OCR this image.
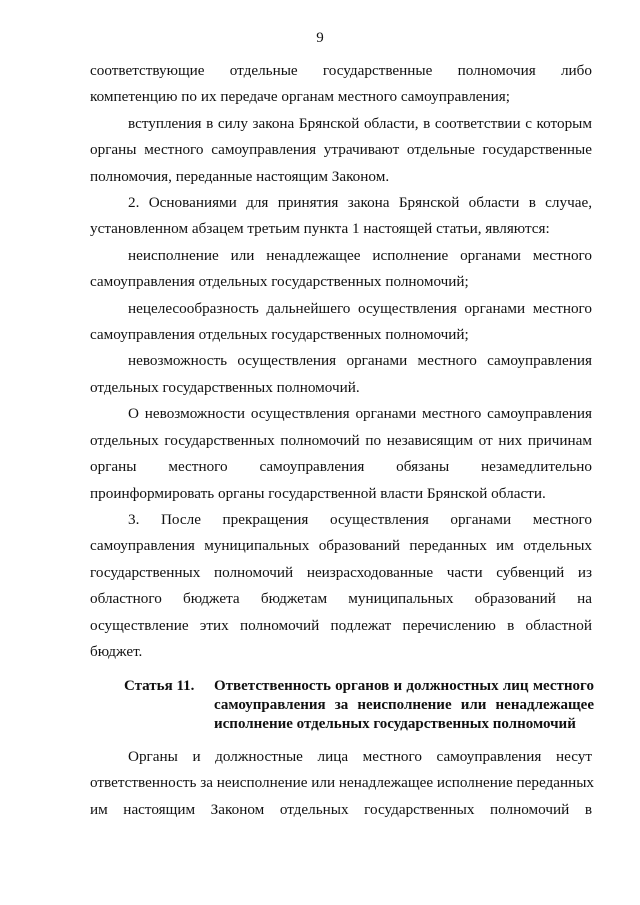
9
соответствующие отдельные государственные полномочия либо
компетенцию по их передаче органам местного самоуправления;
вступления в силу закона Брянской области, в соответствии с которым
органы местного самоуправления утрачивают отдельные государственные
полномочия, переданные настоящим Законом.
2. Основаниями для принятия закона Брянской области в случае,
установленном абзацем третьим пункта 1 настоящей статьи, являются:
неисполнение или ненадлежащее исполнение органами местного
самоуправления отдельных государственных полномочий;
нецелесообразность дальнейшего осуществления органами местного
самоуправления отдельных государственных полномочий;
невозможность осуществления органами местного самоуправления
отдельных государственных полномочий.
О невозможности осуществления органами местного самоуправления
отдельных государственных полномочий по независящим от них причинам
органы местного самоуправления обязаны незамедлительно
проинформировать органы государственной власти Брянской области.
3. После прекращения осуществления органами местного
самоуправления муниципальных образований переданных им отдельных
государственных полномочий неизрасходованные части субвенций из
областного бюджета бюджетам муниципальных образований на
осуществление этих полномочий подлежат перечислению в областной
бюджет.
Статья 11.	Ответственность органов и должностных лиц местного
самоуправления за неисполнение или ненадлежащее
исполнение отдельных государственных полномочий
Органы и должностные лица местного самоуправления несут
ответственность за неисполнение или ненадлежащее исполнение переданных
им настоящим Законом отдельных государственных полномочий в
